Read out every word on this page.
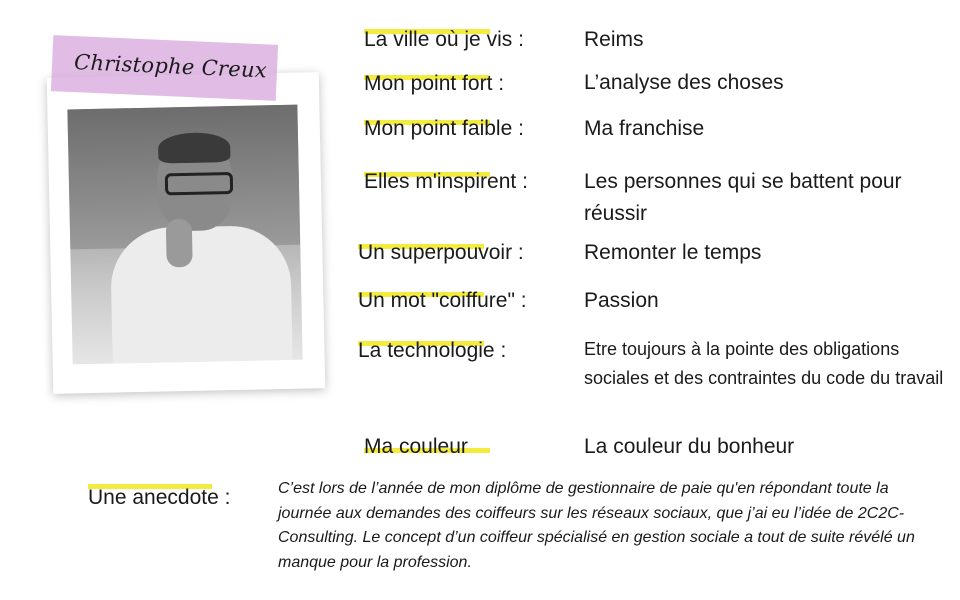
Christophe Creux
La ville où je vis :	Reims
Mon point fort :	L’analyse des choses
Mon point faible :	Ma franchise
Elles m'inspirent :	Les personnes qui se battent pour réussir
Un superpouvoir :	Remonter le temps
Un mot "coiffure" :	Passion
La technologie :	Etre toujours à la pointe des obligations sociales et des contraintes du code du travail
Ma couleur	La couleur du bonheur
Une anecdote :	C’est lors de l’année de mon diplôme de gestionnaire de paie qu'en répondant toute la journée aux demandes des coiffeurs sur les réseaux sociaux, que j’ai eu l’idée de 2C2C-Consulting. Le concept d’un coiffeur spécialisé en gestion sociale a tout de suite révélé un manque pour la profession.
